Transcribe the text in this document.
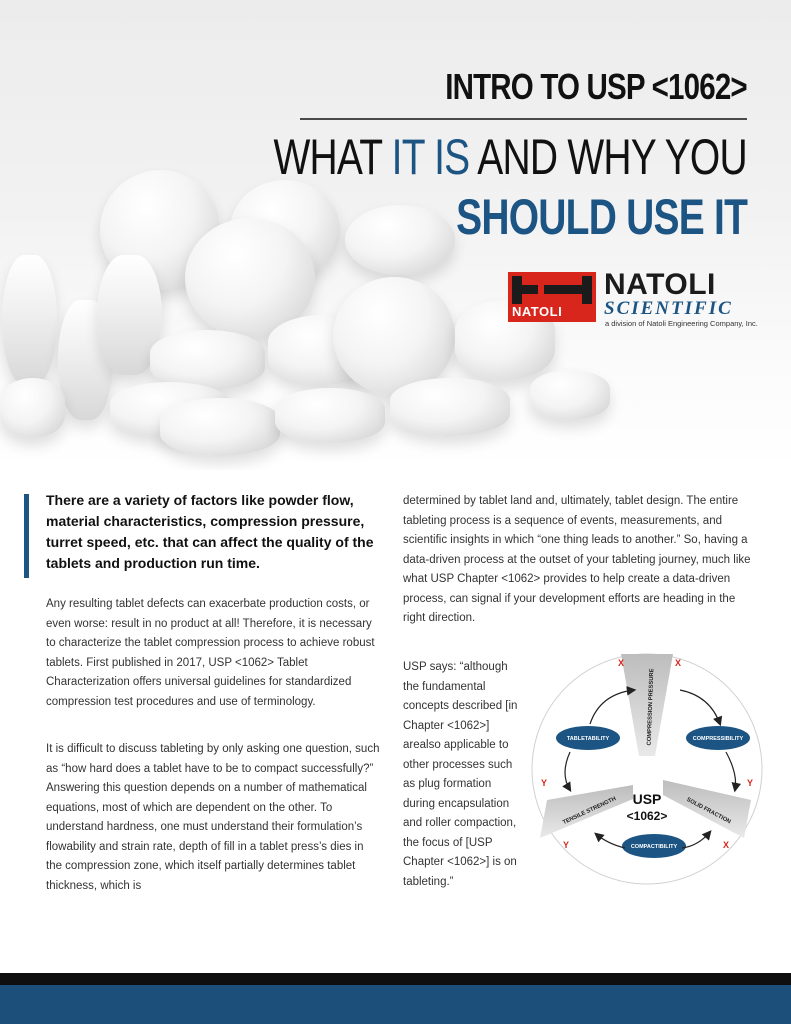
INTRO TO USP <1062>
WHAT IT IS AND WHY YOU
SHOULD USE IT
NATOLI
NATOLI
SCIENTIFIC
a division of Natoli Engineering Company, Inc.

There are a variety of factors like powder flow, material characteristics, compression pressure, turret speed, etc. that can affect the quality of the tablets and production run time.

Any resulting tablet defects can exacerbate production costs, or even worse: result in no product at all! Therefore, it is necessary to characterize the tablet compression process to achieve robust tablets. First published in 2017, USP <1062> Tablet Characterization offers universal guidelines for standardized compression test procedures and use of terminology.

It is difficult to discuss tableting by only asking one question, such as “how hard does a tablet have to be to compact successfully?” Answering this question depends on a number of mathematical equations, most of which are dependent on the other. To understand hardness, one must understand their formulation’s flowability and strain rate, depth of fill in a tablet press’s dies in the compression zone, which itself partially determines tablet thickness, which is

determined by tablet land and, ultimately, tablet design. The entire tableting process is a sequence of events, measurements, and scientific insights in which “one thing leads to another.” So, having a data-driven process at the outset of your tableting journey, much like what USP Chapter <1062> provides to help create a data-driven process, can signal if your development efforts are heading in the right direction.

USP says: “although the fundamental concepts described [in Chapter <1062>] arealso applicable to other processes such as plug formation during encapsulation and roller compaction, the focus of [USP Chapter <1062>] is on tableting.”

COMPRESSION PRESSURE
TENSILE STRENGTH	SOLID FRACTION
TABLETABILITY	COMPRESSIBILITY
COMPACTIBILITY
USP
<1062>
X	X
Y
Y
Y
X
